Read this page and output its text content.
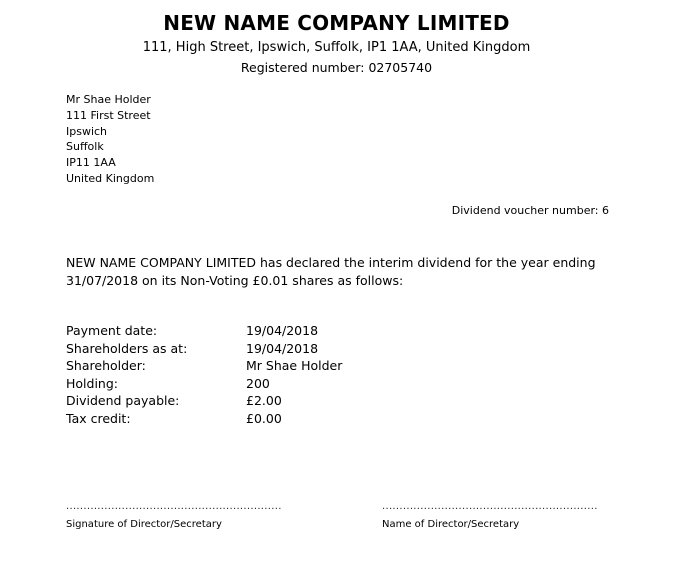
NEW NAME COMPANY LIMITED
111, High Street, Ipswich, Suffolk, IP1 1AA, United Kingdom
Registered number: 02705740
Mr Shae Holder
111 First Street
Ipswich
Suffolk
IP11 1AA
United Kingdom
Dividend voucher number: 6
NEW NAME COMPANY LIMITED has declared the interim dividend for the year ending 31/07/2018 on its Non-Voting £0.01 shares as follows:
Payment date:	19/04/2018
Shareholders as at:	19/04/2018
Shareholder:	Mr Shae Holder
Holding:	200
Dividend payable:	£2.00
Tax credit:	£0.00
..............................................................
Signature of Director/Secretary
..............................................................
Name of Director/Secretary
